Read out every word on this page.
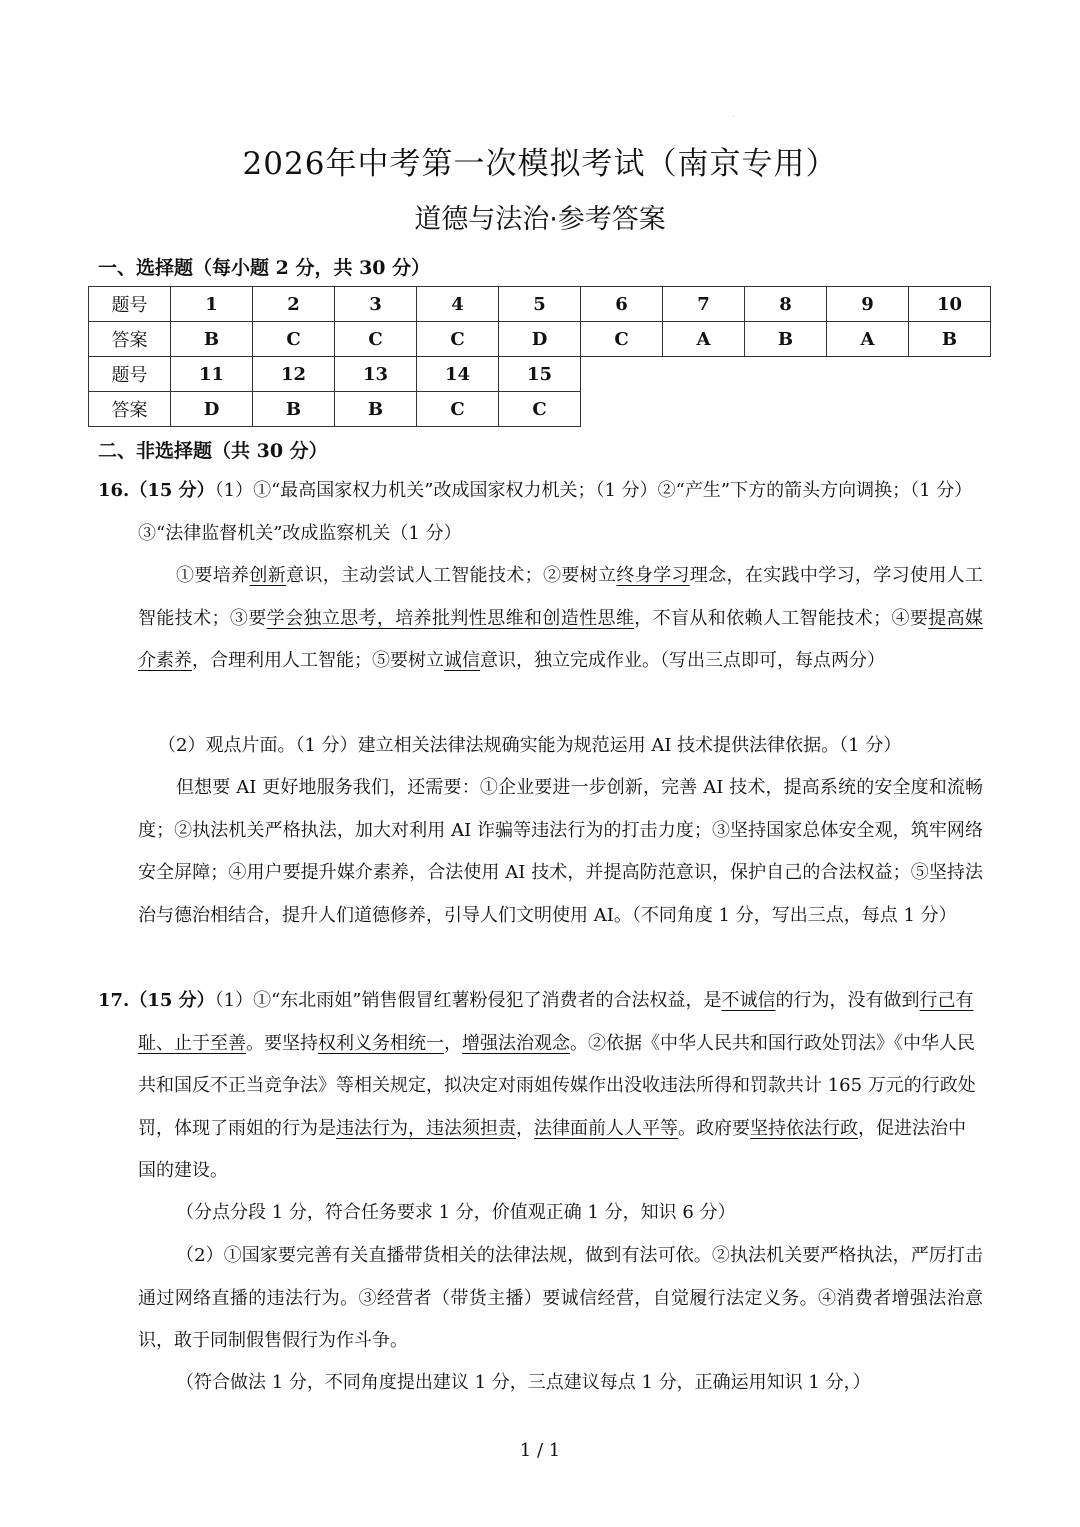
·
2026年中考第一次模拟考试（南京专用）
道德与法治·参考答案
一、选择题（每小题 2 分，共 30 分）
题号	1	2	3	4	5	6	7	8	9	10
答案	B	C	C	C	D	C	A	B	A	B
题号	11	12	13	14	15					
答案	D	B	B	C	C					
二、非选择题（共 30 分）
16.（15 分）（1）①“最高国家权力机关”改成国家权力机关；（1 分）②“产生”下方的箭头方向调换；（1 分）③“法律监督机关”改成监察机关（1 分）
①要培养创新意识，主动尝试人工智能技术；②要树立终身学习理念，在实践中学习，学习使用人工智能技术；③要学会独立思考，培养批判性思维和创造性思维，不盲从和依赖人工智能技术；④要提高媒介素养，合理利用人工智能；⑤要树立诚信意识，独立完成作业。（写出三点即可，每点两分）
（2）观点片面。（1 分）建立相关法律法规确实能为规范运用 AI 技术提供法律依据。（1 分）
但想要 AI 更好地服务我们，还需要：①企业要进一步创新，完善 AI 技术，提高系统的安全度和流畅度；②执法机关严格执法，加大对利用 AI 诈骗等违法行为的打击力度；③坚持国家总体安全观，筑牢网络安全屏障；④用户要提升媒介素养，合法使用 AI 技术，并提高防范意识，保护自己的合法权益；⑤坚持法治与德治相结合，提升人们道德修养，引导人们文明使用 AI。（不同角度 1 分，写出三点，每点 1 分）
17.（15 分）（1）①“东北雨姐”销售假冒红薯粉侵犯了消费者的合法权益，是不诚信的行为，没有做到行己有耻、止于至善。要坚持权利义务相统一，增强法治观念。②依据《中华人民共和国行政处罚法》《中华人民共和国反不正当竞争法》等相关规定，拟决定对雨姐传媒作出没收违法所得和罚款共计 165 万元的行政处罚，体现了雨姐的行为是违法行为，违法须担责，法律面前人人平等。政府要坚持依法行政，促进法治中国的建设。
（分点分段 1 分，符合任务要求 1 分，价值观正确 1 分，知识 6 分）
（2）①国家要完善有关直播带货相关的法律法规，做到有法可依。②执法机关要严格执法，严厉打击通过网络直播的违法行为。③经营者（带货主播）要诚信经营，自觉履行法定义务。④消费者增强法治意识，敢于同制假售假行为作斗争。
（符合做法 1 分，不同角度提出建议 1 分，三点建议每点 1 分，正确运用知识 1 分，）
1 / 1
